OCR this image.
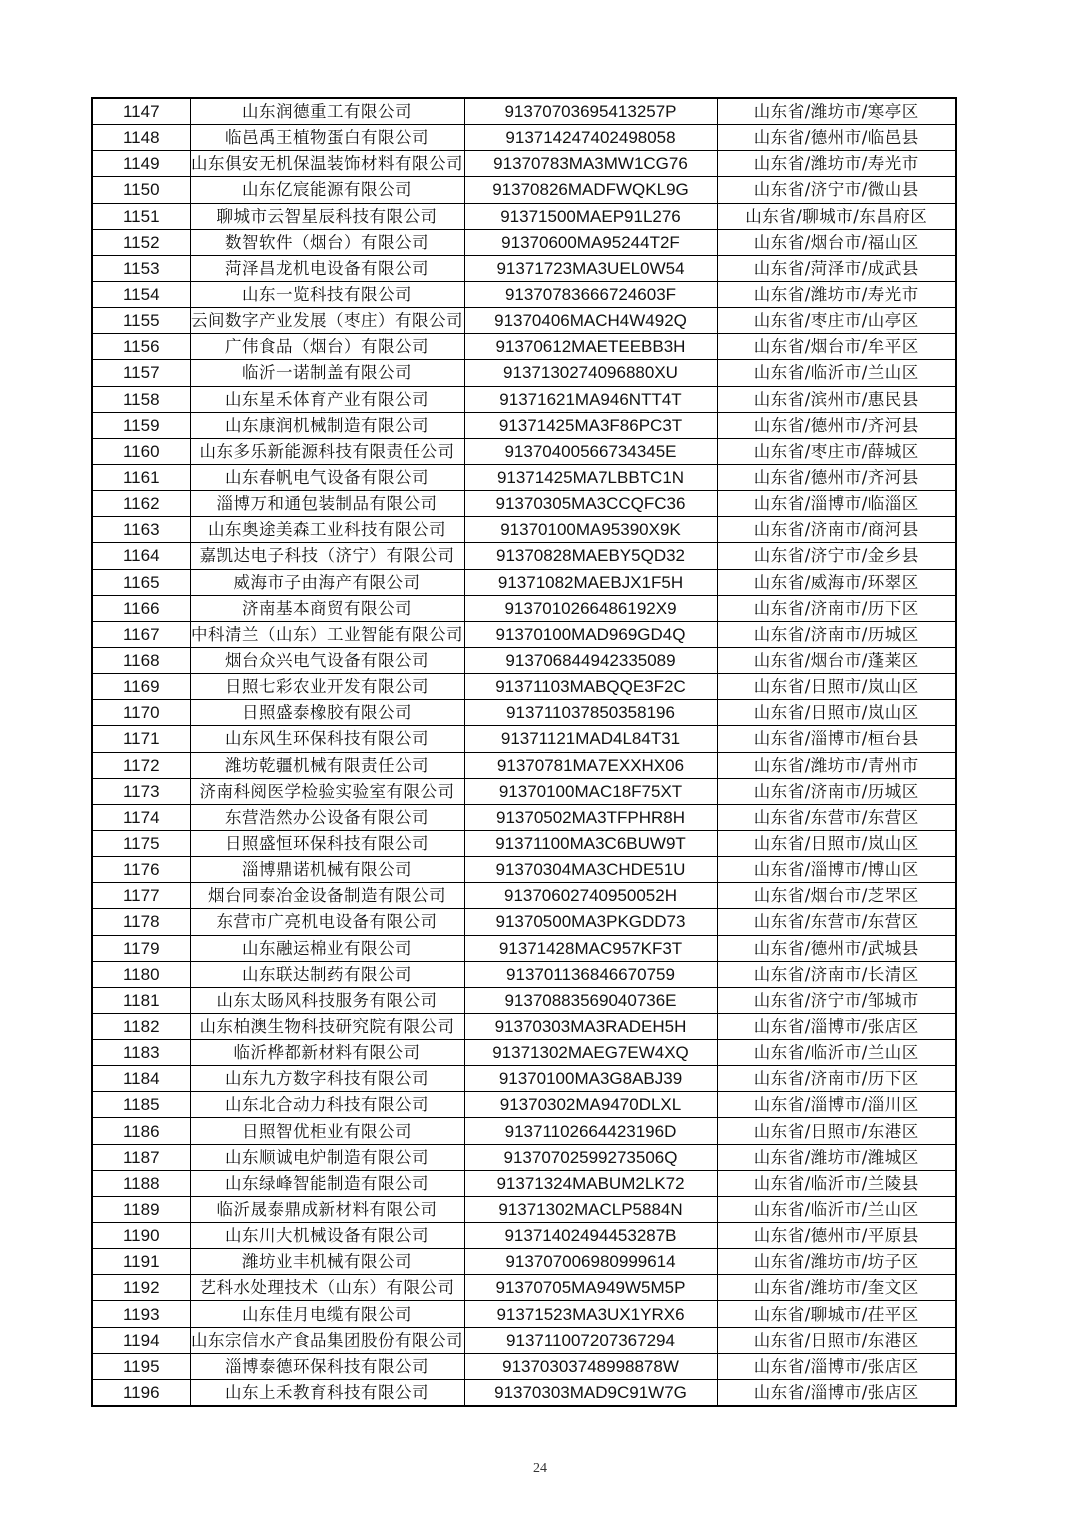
1147	山东润德重工有限公司	91370703695413257P	山东省/潍坊市/寒亭区
1148	临邑禹王植物蛋白有限公司	913714247402498058	山东省/德州市/临邑县
1149	山东俱安无机保温装饰材料有限公司	91370783MA3MW1CG76	山东省/潍坊市/寿光市
1150	山东亿宸能源有限公司	91370826MADFWQKL9G	山东省/济宁市/微山县
1151	聊城市云智星辰科技有限公司	91371500MAEP91L276	山东省/聊城市/东昌府区
1152	数智软件（烟台）有限公司	91370600MA95244T2F	山东省/烟台市/福山区
1153	菏泽昌龙机电设备有限公司	91371723MA3UEL0W54	山东省/菏泽市/成武县
1154	山东一览科技有限公司	91370783666724603F	山东省/潍坊市/寿光市
1155	云间数字产业发展（枣庄）有限公司	91370406MACH4W492Q	山东省/枣庄市/山亭区
1156	广伟食品（烟台）有限公司	91370612MAETEEBB3H	山东省/烟台市/牟平区
1157	临沂一诺制盖有限公司	9137130274096880XU	山东省/临沂市/兰山区
1158	山东星禾体育产业有限公司	91371621MA946NTT4T	山东省/滨州市/惠民县
1159	山东康润机械制造有限公司	91371425MA3F86PC3T	山东省/德州市/齐河县
1160	山东多乐新能源科技有限责任公司	91370400566734345E	山东省/枣庄市/薛城区
1161	山东春帆电气设备有限公司	91371425MA7LBBTC1N	山东省/德州市/齐河县
1162	淄博万和通包装制品有限公司	91370305MA3CCQFC36	山东省/淄博市/临淄区
1163	山东奥途美森工业科技有限公司	91370100MA95390X9K	山东省/济南市/商河县
1164	嘉凯达电子科技（济宁）有限公司	91370828MAEBY5QD32	山东省/济宁市/金乡县
1165	威海市子由海产有限公司	91371082MAEBJX1F5H	山东省/威海市/环翠区
1166	济南基本商贸有限公司	9137010266486192X9	山东省/济南市/历下区
1167	中科清兰（山东）工业智能有限公司	91370100MAD969GD4Q	山东省/济南市/历城区
1168	烟台众兴电气设备有限公司	913706844942335089	山东省/烟台市/蓬莱区
1169	日照七彩农业开发有限公司	91371103MABQQE3F2C	山东省/日照市/岚山区
1170	日照盛泰橡胶有限公司	913711037850358196	山东省/日照市/岚山区
1171	山东风生环保科技有限公司	91371121MAD4L84T31	山东省/淄博市/桓台县
1172	潍坊乾疆机械有限责任公司	91370781MA7EXXHX06	山东省/潍坊市/青州市
1173	济南科阅医学检验实验室有限公司	91370100MAC18F75XT	山东省/济南市/历城区
1174	东营浩然办公设备有限公司	91370502MA3TFPHR8H	山东省/东营市/东营区
1175	日照盛恒环保科技有限公司	91371100MA3C6BUW9T	山东省/日照市/岚山区
1176	淄博鼎诺机械有限公司	91370304MA3CHDE51U	山东省/淄博市/博山区
1177	烟台同泰冶金设备制造有限公司	91370602740950052H	山东省/烟台市/芝罘区
1178	东营市广亮机电设备有限公司	91370500MA3PKGDD73	山东省/东营市/东营区
1179	山东融运棉业有限公司	91371428MAC957KF3T	山东省/德州市/武城县
1180	山东联达制药有限公司	913701136846670759	山东省/济南市/长清区
1181	山东太旸风科技服务有限公司	91370883569040736E	山东省/济宁市/邹城市
1182	山东柏澳生物科技研究院有限公司	91370303MA3RADEH5H	山东省/淄博市/张店区
1183	临沂桦都新材料有限公司	91371302MAEG7EW4XQ	山东省/临沂市/兰山区
1184	山东九方数字科技有限公司	91370100MA3G8ABJ39	山东省/济南市/历下区
1185	山东北合动力科技有限公司	91370302MA9470DLXL	山东省/淄博市/淄川区
1186	日照智优柜业有限公司	91371102664423196D	山东省/日照市/东港区
1187	山东顺诚电炉制造有限公司	91370702599273506Q	山东省/潍坊市/潍城区
1188	山东绿峰智能制造有限公司	91371324MABUM2LK72	山东省/临沂市/兰陵县
1189	临沂晟泰鼎成新材料有限公司	91371302MACLP5884N	山东省/临沂市/兰山区
1190	山东川大机械设备有限公司	91371402494453287B	山东省/德州市/平原县
1191	潍坊业丰机械有限公司	913707006980999614	山东省/潍坊市/坊子区
1192	艺科水处理技术（山东）有限公司	91370705MA949W5M5P	山东省/潍坊市/奎文区
1193	山东佳月电缆有限公司	91371523MA3UX1YRX6	山东省/聊城市/茌平区
1194	山东宗信水产食品集团股份有限公司	913711007207367294	山东省/日照市/东港区
1195	淄博泰德环保科技有限公司	91370303748998878W	山东省/淄博市/张店区
1196	山东上禾教育科技有限公司	91370303MAD9C91W7G	山东省/淄博市/张店区
24
